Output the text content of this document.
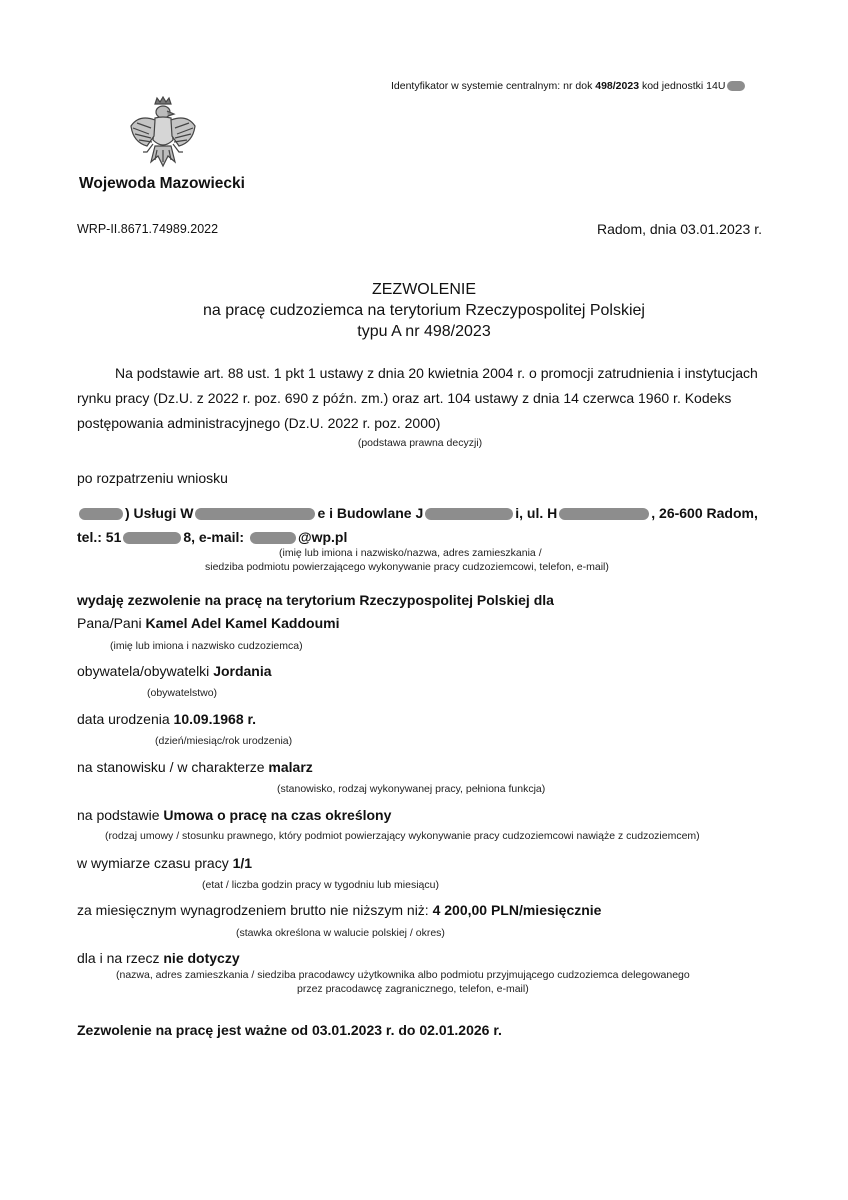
Identyfikator w systemie centralnym: nr dok 498/2023 kod jednostki 14U
Wojewoda Mazowiecki
WRP-II.8671.74989.2022	Radom, dnia 03.01.2023 r.
ZEZWOLENIE
na pracę cudzoziemca na terytorium Rzeczypospolitej Polskiej
typu A nr 498/2023
Na podstawie art. 88 ust. 1 pkt 1 ustawy z dnia 20 kwietnia 2004 r. o promocji zatrudnienia i instytucjach rynku pracy (Dz.U. z 2022 r. poz. 690 z późn. zm.) oraz art. 104 ustawy z dnia 14 czerwca 1960 r. Kodeks postępowania administracyjnego (Dz.U. 2022 r. poz. 2000)
(podstawa prawna decyzji)
po rozpatrzeniu wniosku
) Usługi W	e i Budowlane J	i, ul. H	, 26-600 Radom,
tel.: 51	8, e-mail:	@wp.pl
(imię lub imiona i nazwisko/nazwa, adres zamieszkania /
siedziba podmiotu powierzającego wykonywanie pracy cudzoziemcowi, telefon, e-mail)
wydaję zezwolenie na pracę na terytorium Rzeczypospolitej Polskiej dla
Pana/Pani Kamel Adel Kamel Kaddoumi
(imię lub imiona i nazwisko cudzoziemca)
obywatela/obywatelki Jordania
(obywatelstwo)
data urodzenia 10.09.1968 r.
(dzień/miesiąc/rok urodzenia)
na stanowisku / w charakterze malarz
(stanowisko, rodzaj wykonywanej pracy, pełniona funkcja)
na podstawie Umowa o pracę na czas określony
(rodzaj umowy / stosunku prawnego, który podmiot powierzający wykonywanie pracy cudzoziemcowi nawiąże z cudzoziemcem)
w wymiarze czasu pracy 1/1
(etat / liczba godzin pracy w tygodniu lub miesiącu)
za miesięcznym wynagrodzeniem brutto nie niższym niż: 4 200,00 PLN/miesięcznie
(stawka określona w walucie polskiej / okres)
dla i na rzecz nie dotyczy
(nazwa, adres zamieszkania / siedziba pracodawcy użytkownika albo podmiotu przyjmującego cudzoziemca delegowanego
przez pracodawcę zagranicznego, telefon, e-mail)
Zezwolenie na pracę jest ważne od 03.01.2023 r. do 02.01.2026 r.
